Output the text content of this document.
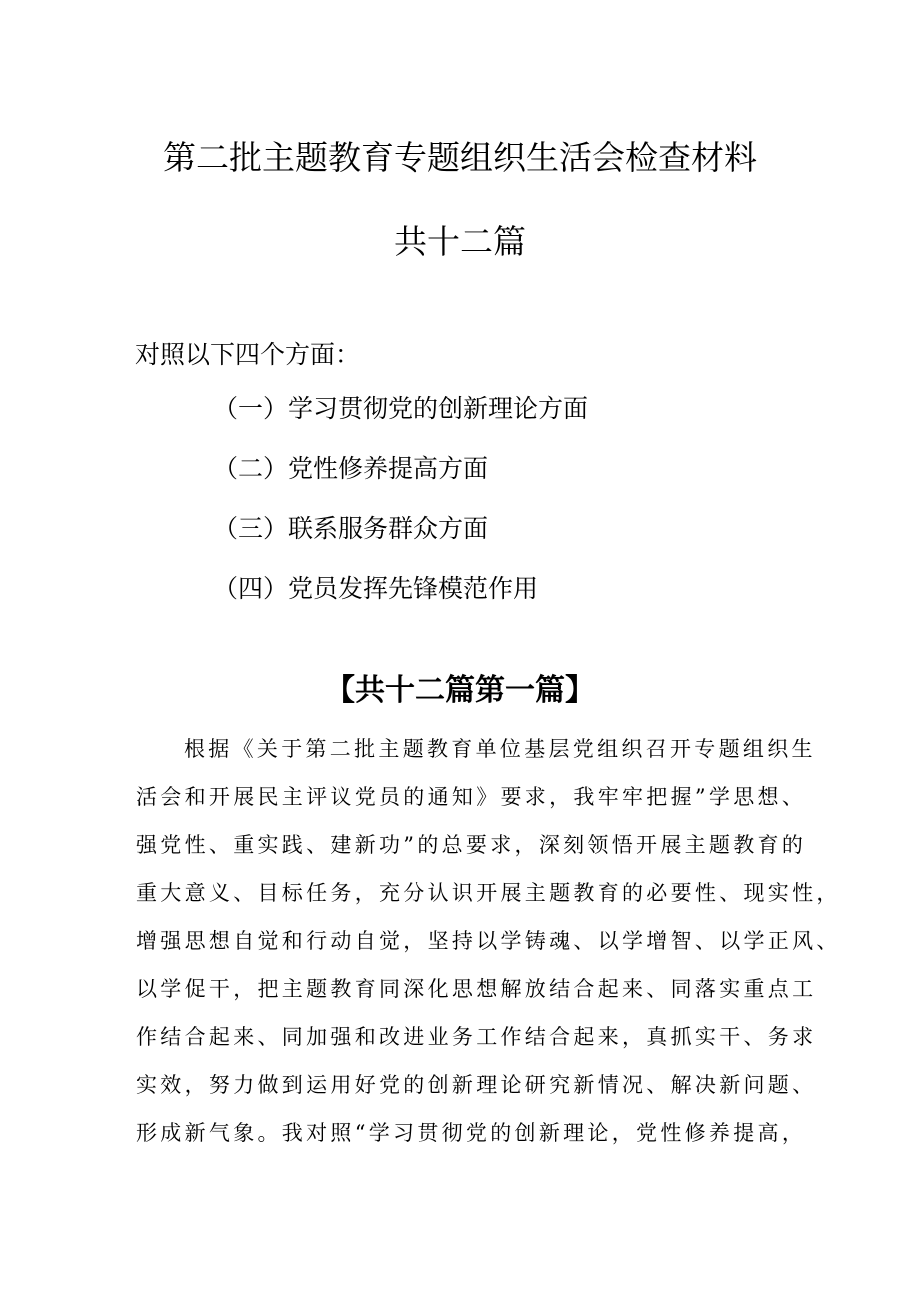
第二批主题教育专题组织生活会检查材料
共十二篇
对照以下四个方面：
（一）学习贯彻党的创新理论方面
（二）党性修养提高方面
（三）联系服务群众方面
（四）党员发挥先锋模范作用
【共十二篇第一篇】
根据《关于第二批主题教育单位基层党组织召开专题组织生
活会和开展民主评议党员的通知》要求，我牢牢把握”学思想、
强党性、重实践、建新功”的总要求，深刻领悟开展主题教育的
重大意义、目标任务，充分认识开展主题教育的必要性、现实性，
增强思想自觉和行动自觉，坚持以学铸魂、以学增智、以学正风、
以学促干，把主题教育同深化思想解放结合起来、同落实重点工
作结合起来、同加强和改进业务工作结合起来，真抓实干、务求
实效，努力做到运用好党的创新理论研究新情况、解决新问题、
形成新气象。我对照“学习贯彻党的创新理论，党性修养提高，
